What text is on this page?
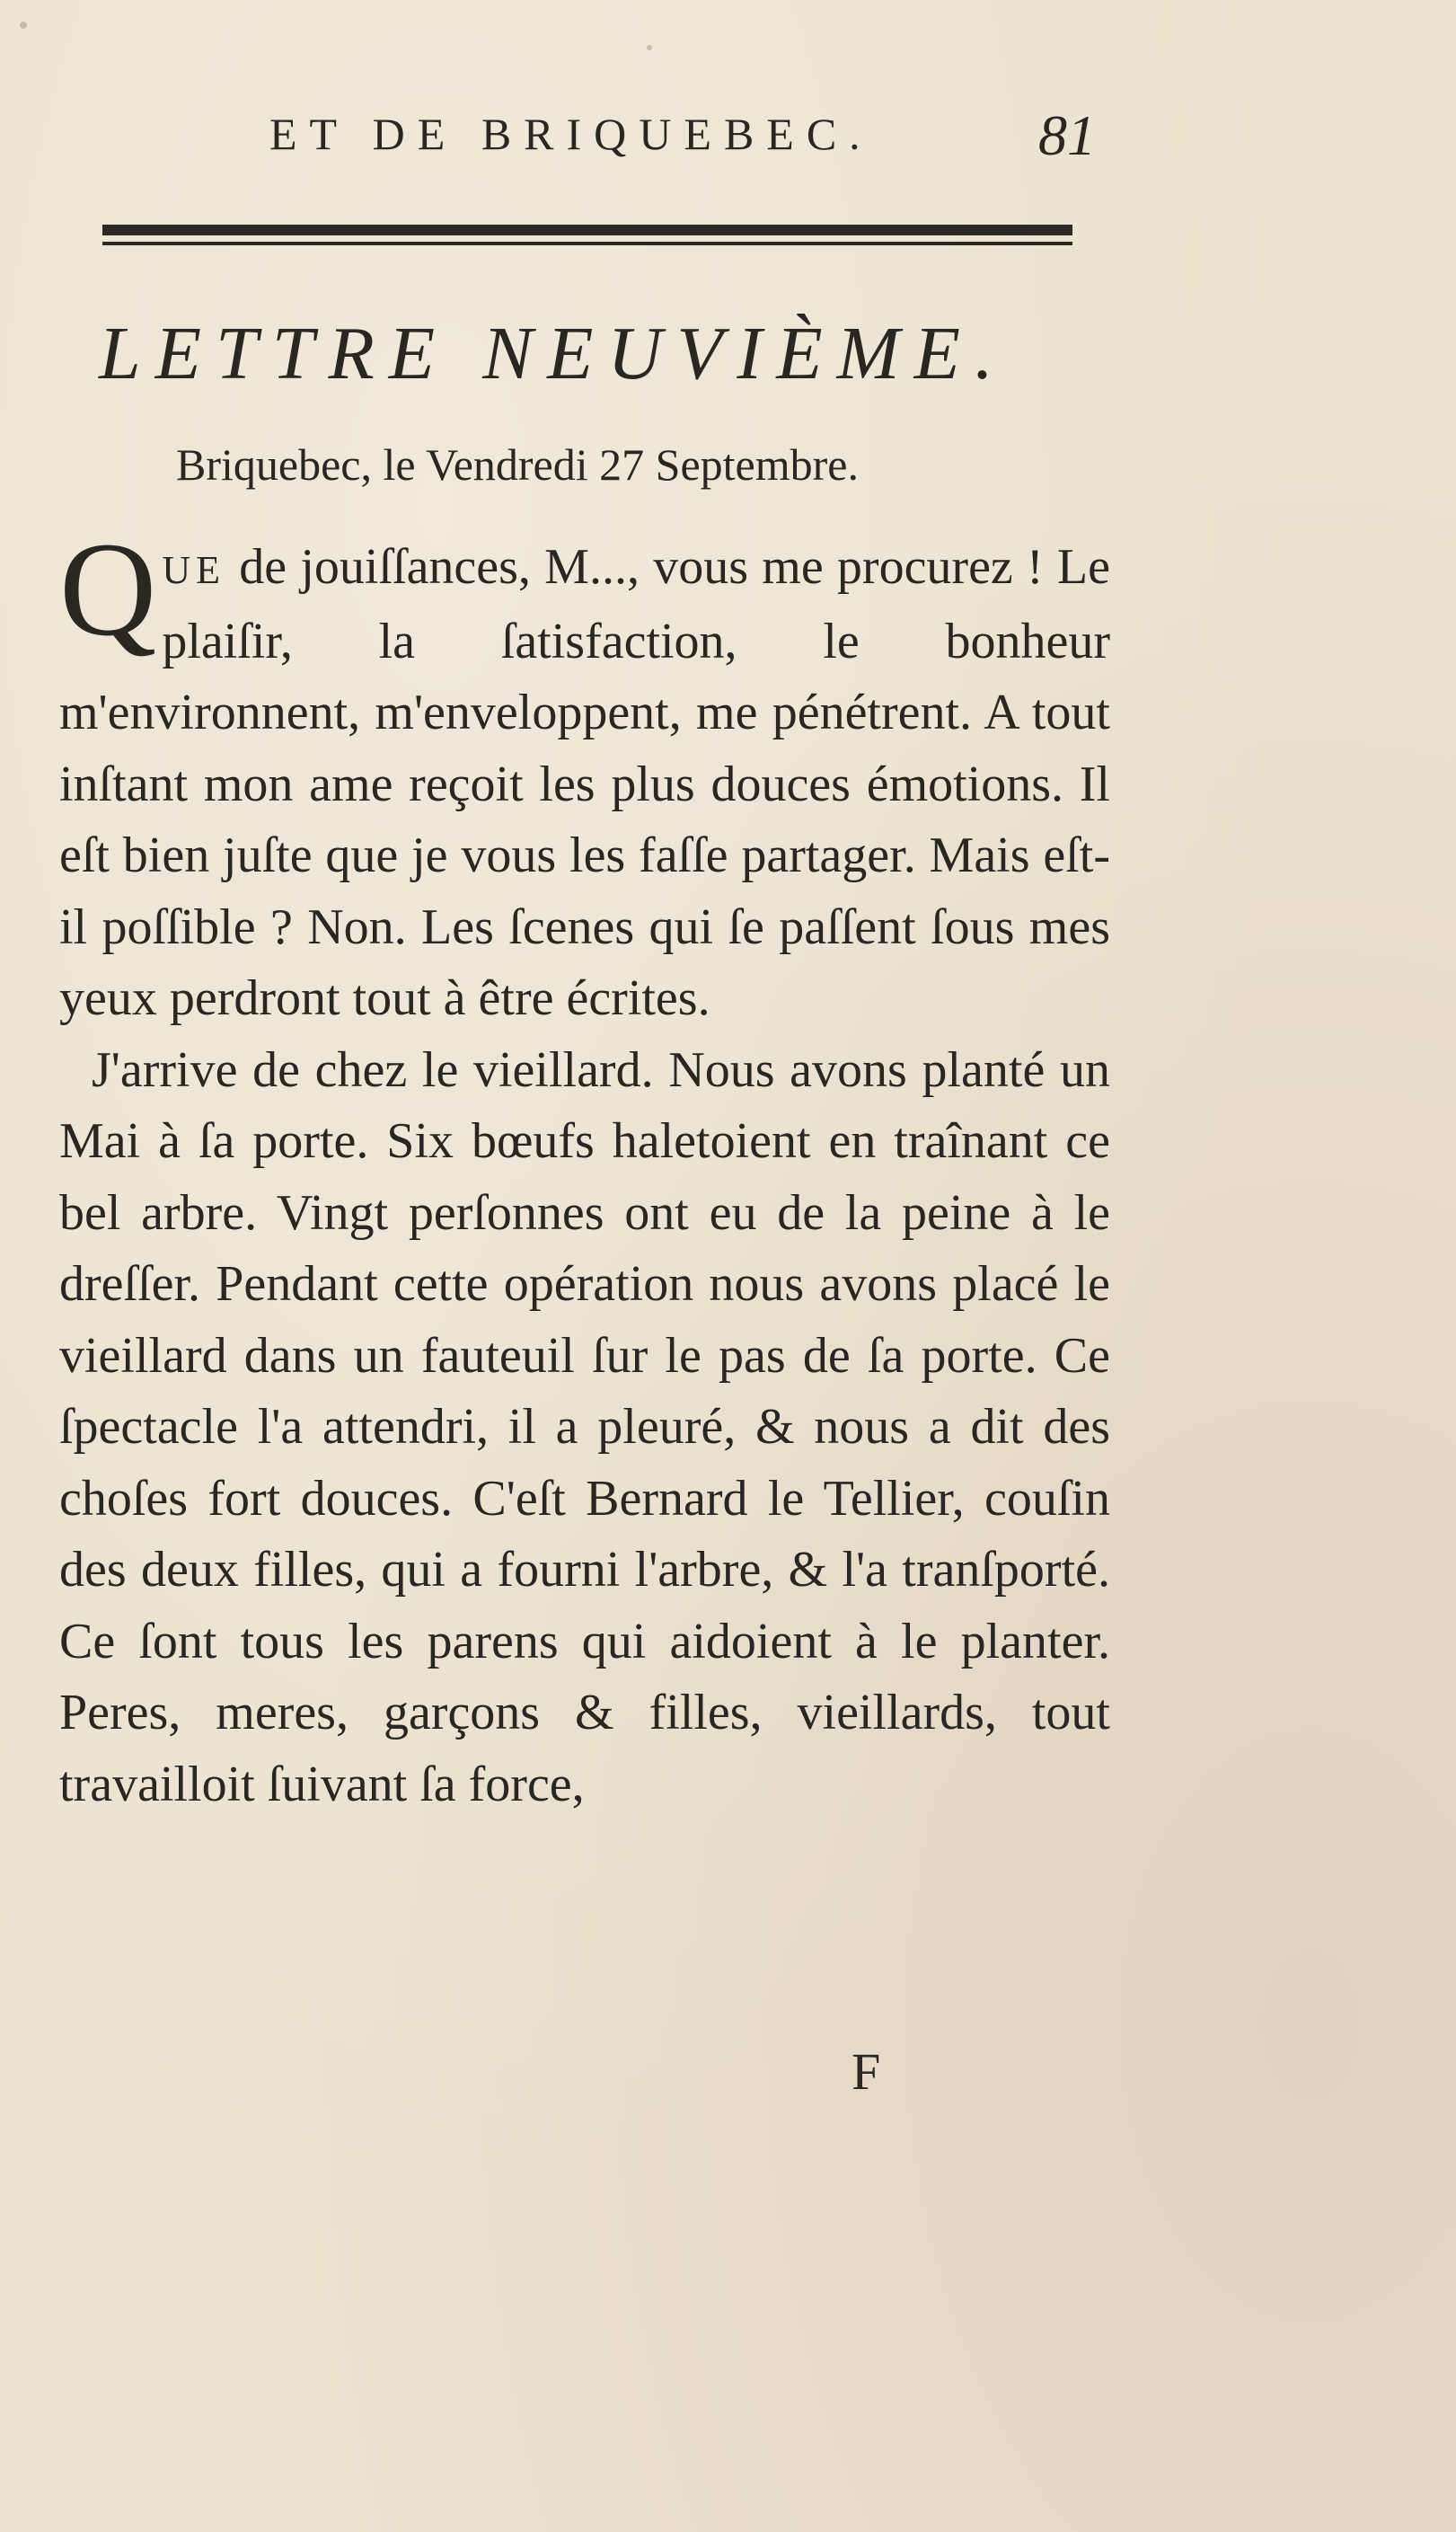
ET DE BRIQUEBEC.	81
LETTRE NEUVIÈME.
Briquebec, le Vendredi 27 Septembre.

QUE de jouiſſances, M..., vous me procurez ! Le plaiſir, la ſatisfaction, le bonheur m'environnent, m'enveloppent, me pénétrent. A tout inſtant mon ame reçoit les plus douces émotions. Il eſt bien juſte que je vous les faſſe partager. Mais eſt-il poſſible ? Non. Les ſcenes qui ſe paſſent ſous mes yeux perdront tout à être écrites.

J'arrive de chez le vieillard. Nous avons planté un Mai à ſa porte. Six bœufs haletoient en traînant ce bel arbre. Vingt perſonnes ont eu de la peine à le dreſſer. Pendant cette opération nous avons placé le vieillard dans un fauteuil ſur le pas de ſa porte. Ce ſpectacle l'a attendri, il a pleuré, & nous a dit des choſes fort douces. C'eſt Bernard le Tellier, couſin des deux filles, qui a fourni l'arbre, & l'a tranſporté. Ce ſont tous les parens qui aidoient à le planter. Peres, meres, garçons & filles, vieillards, tout travailloit ſuivant ſa force,

F
